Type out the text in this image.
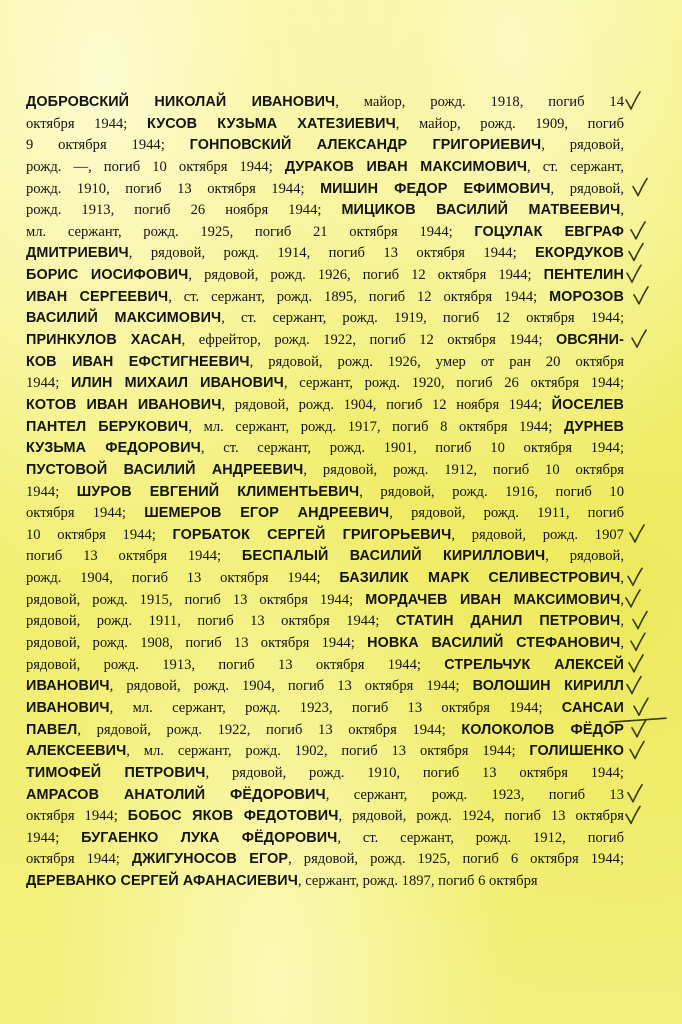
ДОБРОВСКИЙ НИКОЛАЙ ИВАНОВИЧ, майор, рожд. 1918, погиб 14
октября 1944; КУСОВ КУЗЬМА ХАТЕЗИЕВИЧ, майор, рожд. 1909, погиб
9 октября 1944; ГОНПОВСКИЙ АЛЕКСАНДР ГРИГОРИЕВИЧ, рядовой,
рожд. —, погиб 10 октября 1944; ДУРАКОВ ИВАН МАКСИМОВИЧ, ст. сержант,
рожд. 1910, погиб 13 октября 1944; МИШИН ФЕДОР ЕФИМОВИЧ, рядовой,
рожд. 1913, погиб 26 ноября 1944; МИЦИКОВ ВАСИЛИЙ МАТВЕЕВИЧ,
мл. сержант, рожд. 1925, погиб 21 октября 1944; ГОЦУЛАК ЕВГРАФ
ДМИТРИЕВИЧ, рядовой, рожд. 1914, погиб 13 октября 1944; ЕКОРДУКОВ
БОРИС ИОСИФОВИЧ, рядовой, рожд. 1926, погиб 12 октября 1944; ПЕНТЕЛИН
ИВАН СЕРГЕЕВИЧ, ст. сержант, рожд. 1895, погиб 12 октября 1944; МОРОЗОВ
ВАСИЛИЙ МАКСИМОВИЧ, ст. сержант, рожд. 1919, погиб 12 октября 1944;
ПРИНКУЛОВ ХАСАН, ефрейтор, рожд. 1922, погиб 12 октября 1944; ОВСЯНИ-
КОВ ИВАН ЕФСТИГНЕЕВИЧ, рядовой, рожд. 1926, умер от ран 20 октября
1944; ИЛИН МИХАИЛ ИВАНОВИЧ, сержант, рожд. 1920, погиб 26 октября 1944;
КОТОВ ИВАН ИВАНОВИЧ, рядовой, рожд. 1904, погиб 12 ноября 1944; ЙОСЕЛЕВ
ПАНТЕЛ БЕРУКОВИЧ, мл. сержант, рожд. 1917, погиб 8 октября 1944; ДУРНЕВ
КУЗЬМА ФЕДОРОВИЧ, ст. сержант, рожд. 1901, погиб 10 октября 1944;
ПУСТОВОЙ ВАСИЛИЙ АНДРЕЕВИЧ, рядовой, рожд. 1912, погиб 10 октября
1944; ШУРОВ ЕВГЕНИЙ КЛИМЕНТЬЕВИЧ, рядовой, рожд. 1916, погиб 10
октября 1944; ШЕМЕРОВ ЕГОР АНДРЕЕВИЧ, рядовой, рожд. 1911, погиб
10 октября 1944; ГОРБАТОК СЕРГЕЙ ГРИГОРЬЕВИЧ, рядовой, рожд. 1907
погиб 13 октября 1944; БЕСПАЛЫЙ ВАСИЛИЙ КИРИЛЛОВИЧ, рядовой,
рожд. 1904, погиб 13 октября 1944; БАЗИЛИК МАРК СЕЛИВЕСТРОВИЧ,
рядовой, рожд. 1915, погиб 13 октября 1944; МОРДАЧЕВ ИВАН МАКСИМОВИЧ,
рядовой, рожд. 1911, погиб 13 октября 1944; СТАТИН ДАНИЛ ПЕТРОВИЧ,
рядовой, рожд. 1908, погиб 13 октября 1944; НОВКА ВАСИЛИЙ СТЕФАНОВИЧ,
рядовой, рожд. 1913, погиб 13 октября 1944; СТРЕЛЬЧУК АЛЕКСЕЙ
ИВАНОВИЧ, рядовой, рожд. 1904, погиб 13 октября 1944; ВОЛОШИН КИРИЛЛ
ИВАНОВИЧ, мл. сержант, рожд. 1923, погиб 13 октября 1944; САНСАИ
ПАВЕЛ, рядовой, рожд. 1922, погиб 13 октября 1944; КОЛОКОЛОВ ФЁДОР
АЛЕКСЕЕВИЧ, мл. сержант, рожд. 1902, погиб 13 октября 1944; ГОЛИШЕНКО
ТИМОФЕЙ ПЕТРОВИЧ, рядовой, рожд. 1910, погиб 13 октября 1944;
АМРАСОВ АНАТОЛИЙ ФЁДОРОВИЧ, сержант, рожд. 1923, погиб 13
октября 1944; БОБОС ЯКОВ ФЕДОТОВИЧ, рядовой, рожд. 1924, погиб 13 октября
1944; БУГАЕНКО ЛУКА ФЁДОРОВИЧ, ст. сержант, рожд. 1912, погиб
октября 1944; ДЖИГУНОСОВ ЕГОР, рядовой, рожд. 1925, погиб 6 октября 1944;
ДЕРЕВАНКО СЕРГЕЙ АФАНАСИЕВИЧ, сержант, рожд. 1897, погиб 6 октября
